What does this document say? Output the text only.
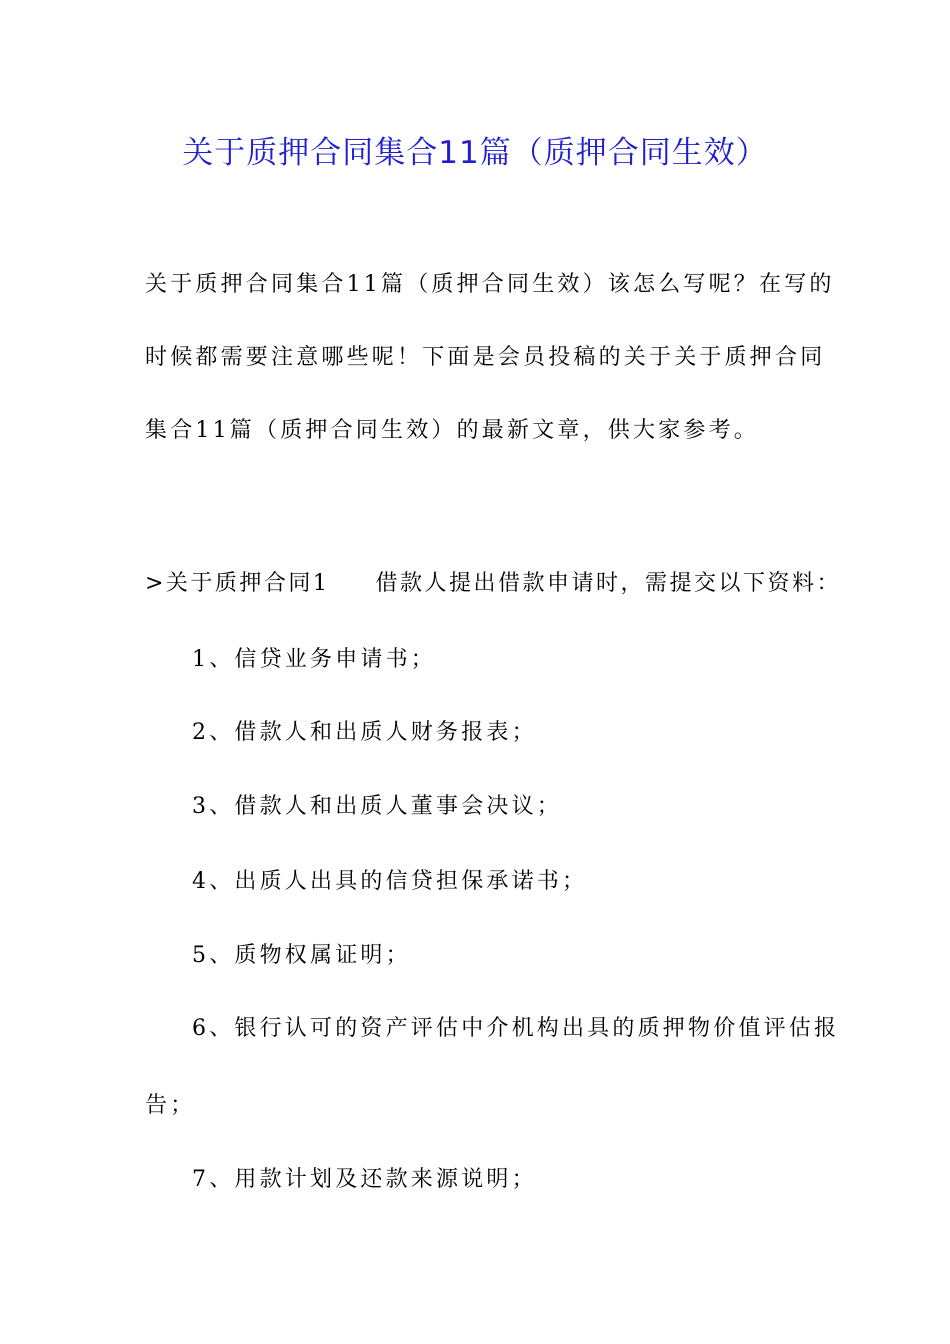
关于质押合同集合11篇（质押合同生效）
关于质押合同集合11篇（质押合同生效）该怎么写呢？在写的
时候都需要注意哪些呢！下面是会员投稿的关于关于质押合同
集合11篇（质押合同生效）的最新文章，供大家参考。
>关于质押合同1 借款人提出借款申请时，需提交以下资料：
1、信贷业务申请书；
2、借款人和出质人财务报表；
3、借款人和出质人董事会决议；
4、出质人出具的信贷担保承诺书；
5、质物权属证明；
6、银行认可的资产评估中介机构出具的质押物价值评估报
告；
7、用款计划及还款来源说明；
